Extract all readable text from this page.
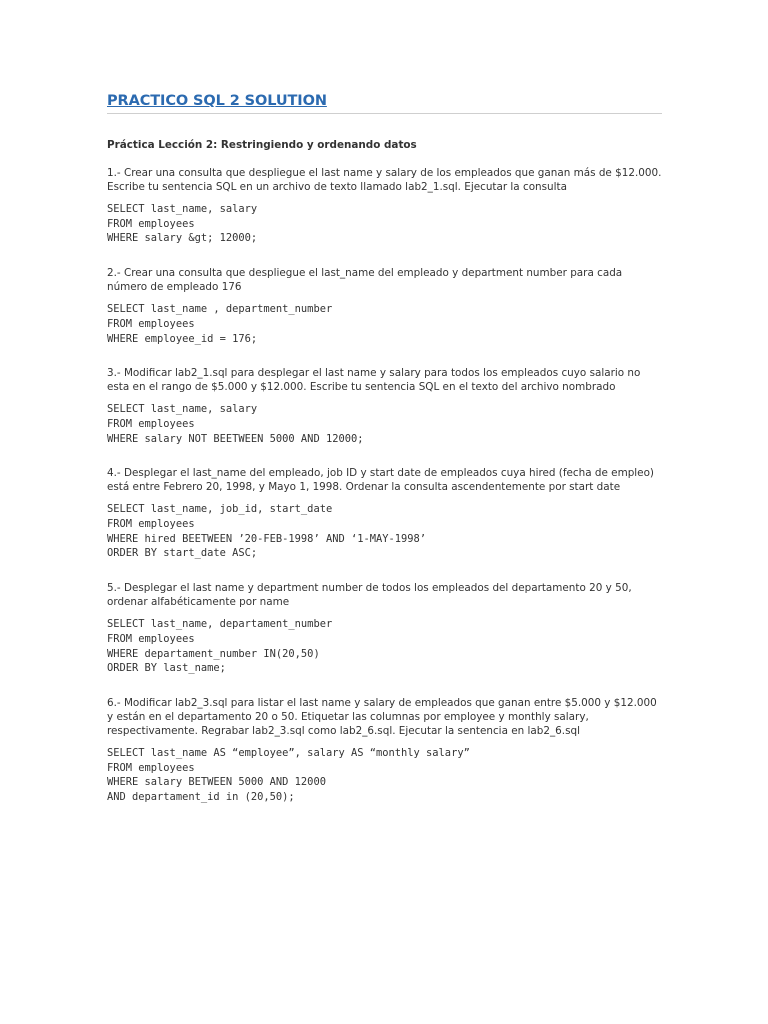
PRACTICO SQL 2 SOLUTION

Práctica Lección 2: Restringiendo y ordenando datos

1.- Crear una consulta que despliegue el last name y salary de los empleados que ganan más de $12.000. Escribe tu sentencia SQL en un archivo de texto llamado lab2_1.sql. Ejecutar la consulta

SELECT last_name, salary
FROM employees
WHERE salary &gt; 12000;

2.- Crear una consulta que despliegue el last_name del empleado y department number para cada número de empleado 176

SELECT last_name , department_number
FROM employees
WHERE employee_id = 176;

3.- Modificar lab2_1.sql para desplegar el last name y salary para todos los empleados cuyo salario no esta en el rango de $5.000 y $12.000. Escribe tu sentencia SQL en el texto del archivo nombrado

SELECT last_name, salary
FROM employees
WHERE salary NOT BEETWEEN 5000 AND 12000;

4.- Desplegar el last_name del empleado, job ID y start date de empleados cuya hired (fecha de empleo) está entre Febrero 20, 1998, y Mayo 1, 1998. Ordenar la consulta ascendentemente por start date

SELECT last_name, job_id, start_date
FROM employees
WHERE hired BEETWEEN ’20-FEB-1998’ AND ‘1-MAY-1998’
ORDER BY start_date ASC;

5.- Desplegar el last name y department number de todos los empleados del departamento 20 y 50, ordenar alfabéticamente por name

SELECT last_name, departament_number
FROM employees
WHERE departament_number IN(20,50)
ORDER BY last_name;

6.- Modificar lab2_3.sql para listar el last name y salary de empleados que ganan entre $5.000 y $12.000 y están en el departamento 20 o 50. Etiquetar las columnas por employee y monthly salary, respectivamente. Regrabar lab2_3.sql como lab2_6.sql. Ejecutar la sentencia en lab2_6.sql

SELECT last_name AS “employee”, salary AS “monthly salary”
FROM employees
WHERE salary BETWEEN 5000 AND 12000
AND departament_id in (20,50);
